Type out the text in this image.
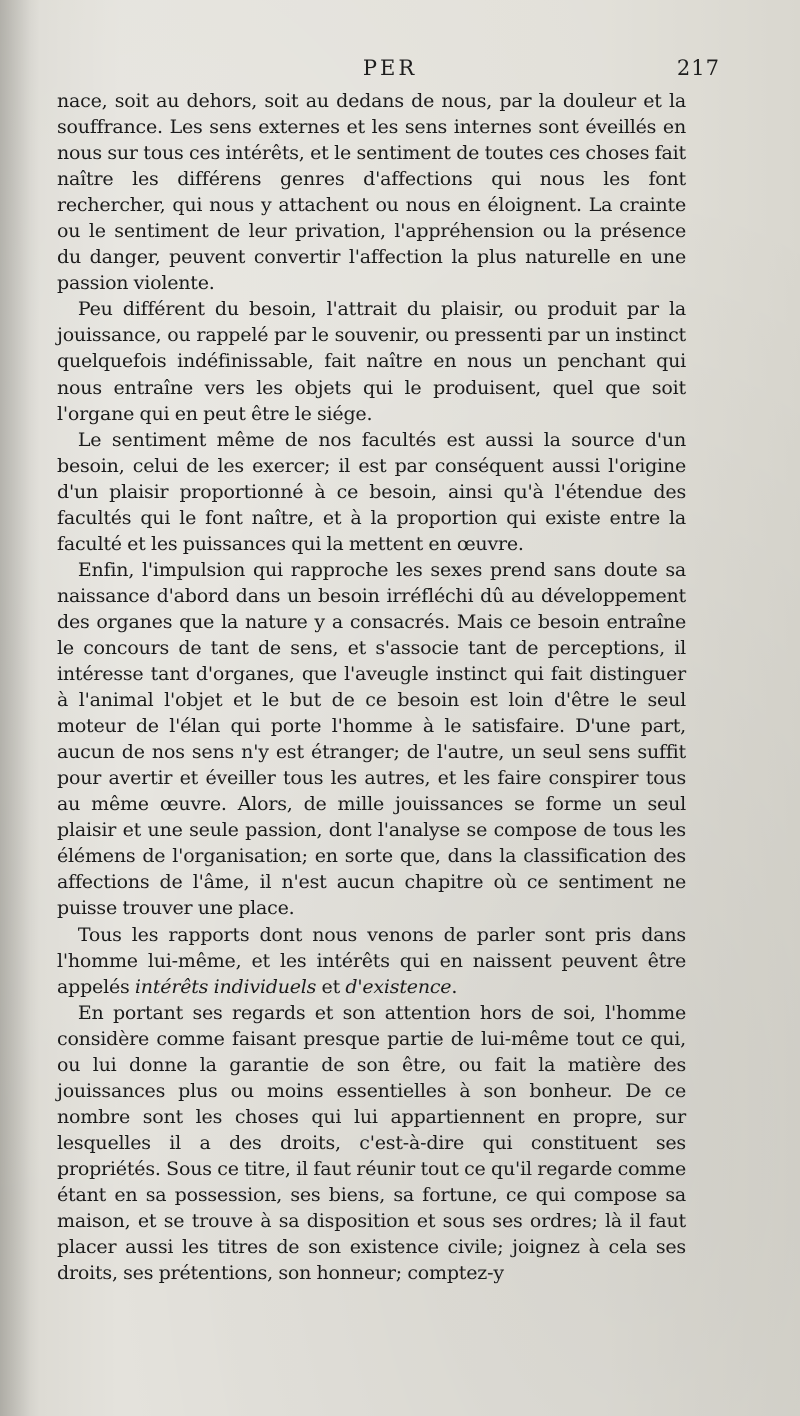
PER	217

nace, soit au dehors, soit au dedans de nous, par la douleur et la souffrance. Les sens externes et les sens internes sont éveillés en nous sur tous ces intérêts, et le sentiment de toutes ces choses fait naître les différens genres d'affections qui nous les font rechercher, qui nous y attachent ou nous en éloignent. La crainte ou le sentiment de leur privation, l'appréhension ou la présence du danger, peuvent convertir l'affection la plus naturelle en une passion violente.

Peu différent du besoin, l'attrait du plaisir, ou produit par la jouissance, ou rappelé par le souvenir, ou pressenti par un instinct quelquefois indéfinissable, fait naître en nous un penchant qui nous entraîne vers les objets qui le produisent, quel que soit l'organe qui en peut être le siége.

Le sentiment même de nos facultés est aussi la source d'un besoin, celui de les exercer; il est par conséquent aussi l'origine d'un plaisir proportionné à ce besoin, ainsi qu'à l'étendue des facultés qui le font naître, et à la proportion qui existe entre la faculté et les puissances qui la mettent en œuvre.

Enfin, l'impulsion qui rapproche les sexes prend sans doute sa naissance d'abord dans un besoin irréfléchi dû au développement des organes que la nature y a consacrés. Mais ce besoin entraîne le concours de tant de sens, et s'associe tant de perceptions, il intéresse tant d'organes, que l'aveugle instinct qui fait distinguer à l'animal l'objet et le but de ce besoin est loin d'être le seul moteur de l'élan qui porte l'homme à le satisfaire. D'une part, aucun de nos sens n'y est étranger; de l'autre, un seul sens suffit pour avertir et éveiller tous les autres, et les faire conspirer tous au même œuvre. Alors, de mille jouissances se forme un seul plaisir et une seule passion, dont l'analyse se compose de tous les élémens de l'organisation; en sorte que, dans la classification des affections de l'âme, il n'est aucun chapitre où ce sentiment ne puisse trouver une place.

Tous les rapports dont nous venons de parler sont pris dans l'homme lui-même, et les intérêts qui en naissent peuvent être appelés intérêts individuels et d'existence.

En portant ses regards et son attention hors de soi, l'homme considère comme faisant presque partie de lui-même tout ce qui, ou lui donne la garantie de son être, ou fait la matière des jouissances plus ou moins essentielles à son bonheur. De ce nombre sont les choses qui lui appartiennent en propre, sur lesquelles il a des droits, c'est-à-dire qui constituent ses propriétés. Sous ce titre, il faut réunir tout ce qu'il regarde comme étant en sa possession, ses biens, sa fortune, ce qui compose sa maison, et se trouve à sa disposition et sous ses ordres; là il faut placer aussi les titres de son existence civile; joignez à cela ses droits, ses prétentions, son honneur; comptez-y
